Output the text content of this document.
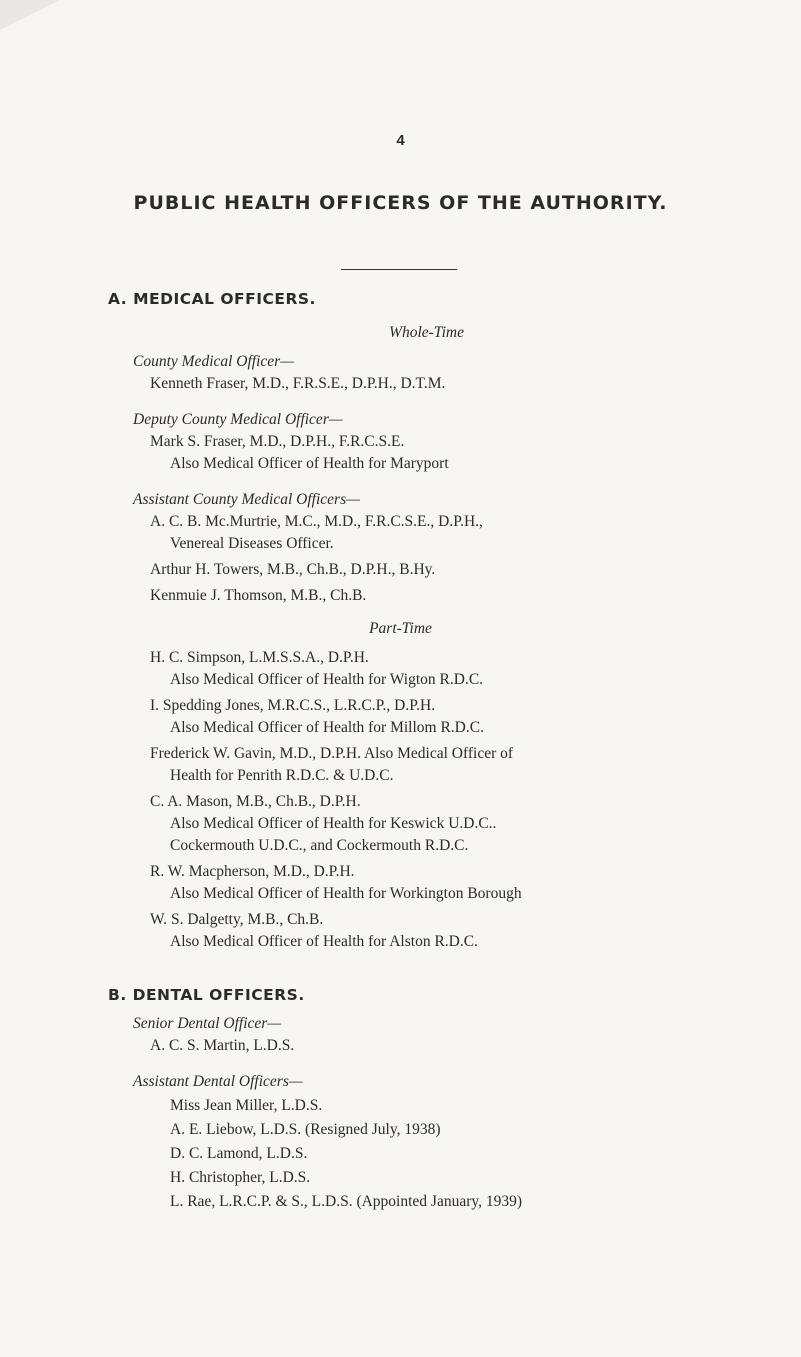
4
PUBLIC HEALTH OFFICERS OF THE AUTHORITY.
A. MEDICAL OFFICERS.
Whole-Time
County Medical Officer—
Kenneth Fraser, M.D., F.R.S.E., D.P.H., D.T.M.
Deputy County Medical Officer—
Mark S. Fraser, M.D., D.P.H., F.R.C.S.E.
Also Medical Officer of Health for Maryport
Assistant County Medical Officers—
A. C. B. Mc.Murtrie, M.C., M.D., F.R.C.S.E., D.P.H.,
Venereal Diseases Officer.
Arthur H. Towers, M.B., Ch.B., D.P.H., B.Hy.
Kenmuie J. Thomson, M.B., Ch.B.
Part-Time
H. C. Simpson, L.M.S.S.A., D.P.H.
Also Medical Officer of Health for Wigton R.D.C.
I. Spedding Jones, M.R.C.S., L.R.C.P., D.P.H.
Also Medical Officer of Health for Millom R.D.C.
Frederick W. Gavin, M.D., D.P.H. Also Medical Officer of
Health for Penrith R.D.C. & U.D.C.
C. A. Mason, M.B., Ch.B., D.P.H.
Also Medical Officer of Health for Keswick U.D.C..
Cockermouth U.D.C., and Cockermouth R.D.C.
R. W. Macpherson, M.D., D.P.H.
Also Medical Officer of Health for Workington Borough
W. S. Dalgetty, M.B., Ch.B.
Also Medical Officer of Health for Alston R.D.C.
B. DENTAL OFFICERS.
Senior Dental Officer—
A. C. S. Martin, L.D.S.
Assistant Dental Officers—
Miss Jean Miller, L.D.S.
A. E. Liebow, L.D.S. (Resigned July, 1938)
D. C. Lamond, L.D.S.
H. Christopher, L.D.S.
L. Rae, L.R.C.P. & S., L.D.S. (Appointed January, 1939)
